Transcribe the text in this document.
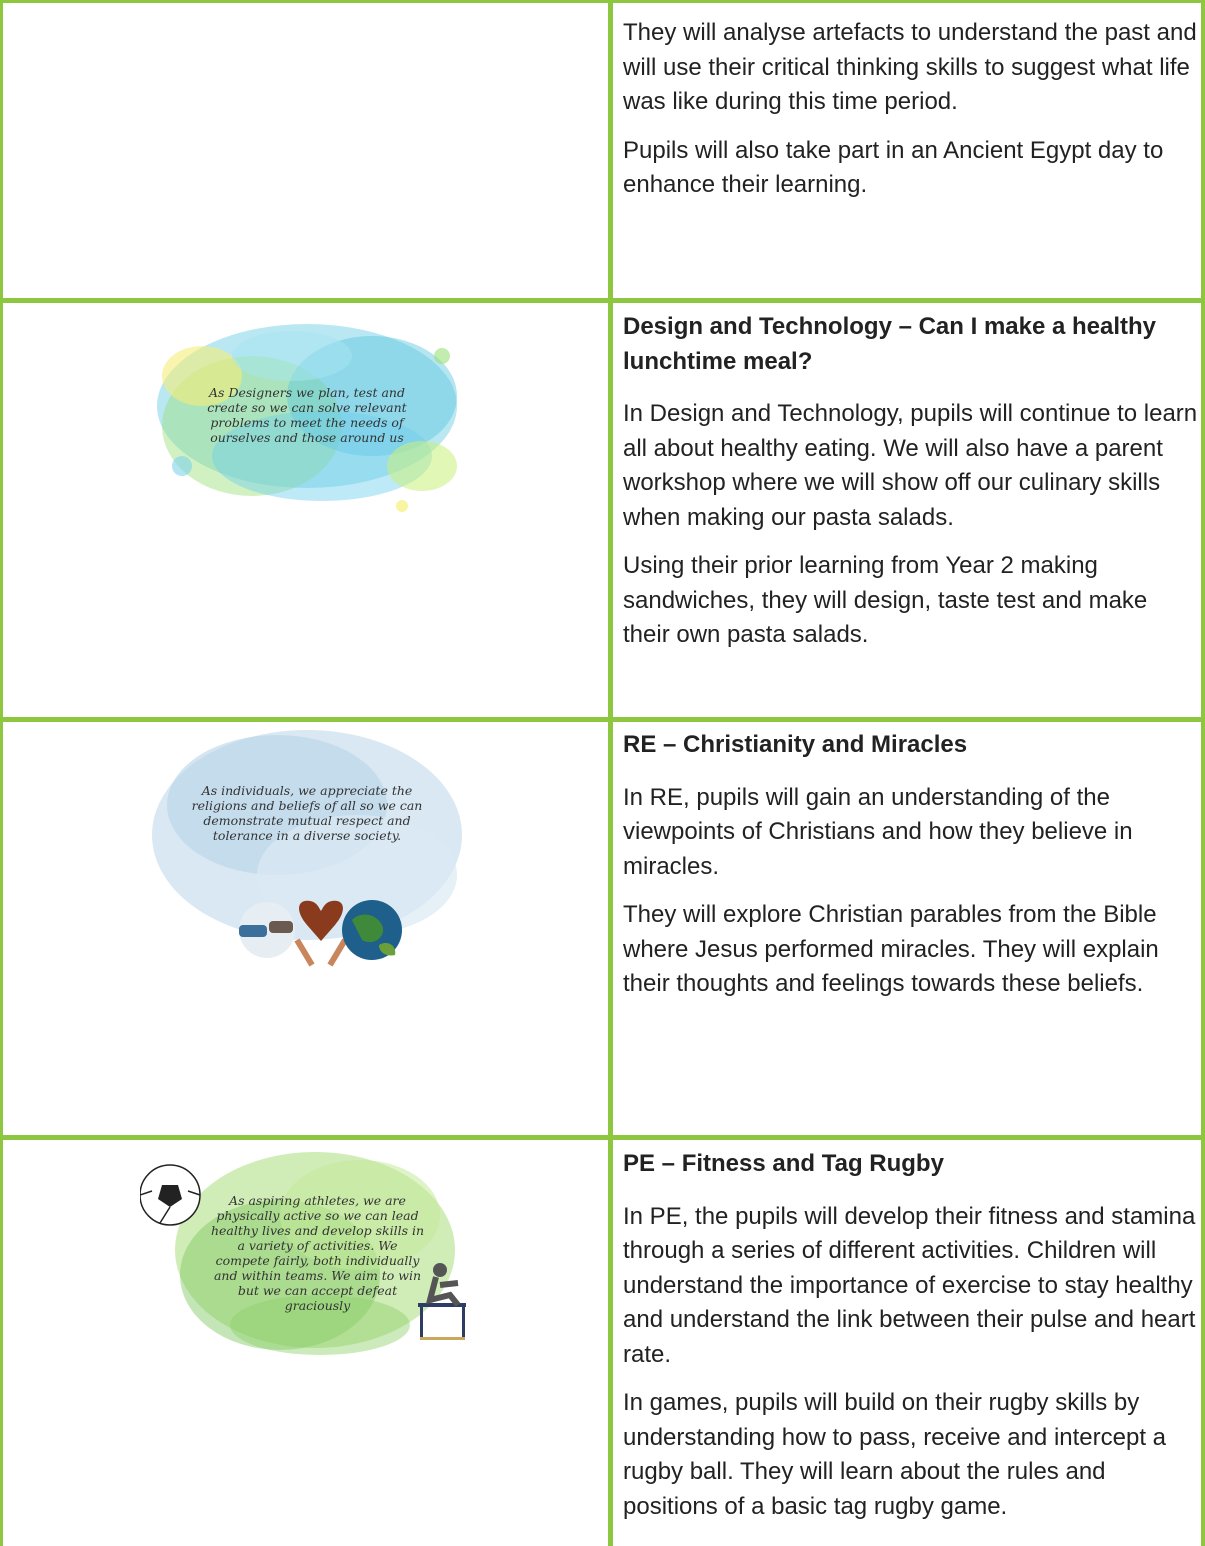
They will analyse artefacts to understand the past and will use their critical thinking skills to suggest what life was like during this time period.

Pupils will also take part in an Ancient Egypt day to enhance their learning.

As Designers we plan, test and create so we can solve relevant problems to meet the needs of ourselves and those around us

Design and Technology – Can I make a healthy lunchtime meal?

In Design and Technology, pupils will continue to learn all about healthy eating. We will also have a parent workshop where we will show off our culinary skills when making our pasta salads.

Using their prior learning from Year 2 making sandwiches, they will design, taste test and make their own pasta salads.

As individuals, we appreciate the religions and beliefs of all so we can demonstrate mutual respect and tolerance in a diverse society.

RE – Christianity and Miracles

In RE, pupils will gain an understanding of the viewpoints of Christians and how they believe in miracles.

They will explore Christian parables from the Bible where Jesus performed miracles. They will explain their thoughts and feelings towards these beliefs.

As aspiring athletes, we are physically active so we can lead healthy lives and develop skills in a variety of activities. We compete fairly, both individually and within teams. We aim to win but we can accept defeat graciously

PE – Fitness and Tag Rugby

In PE, the pupils will develop their fitness and stamina through a series of different activities. Children will understand the importance of exercise to stay healthy and understand the link between their pulse and heart rate.

In games, pupils will build on their rugby skills by understanding how to pass, receive and intercept a rugby ball. They will learn about the rules and positions of a basic tag rugby game.
